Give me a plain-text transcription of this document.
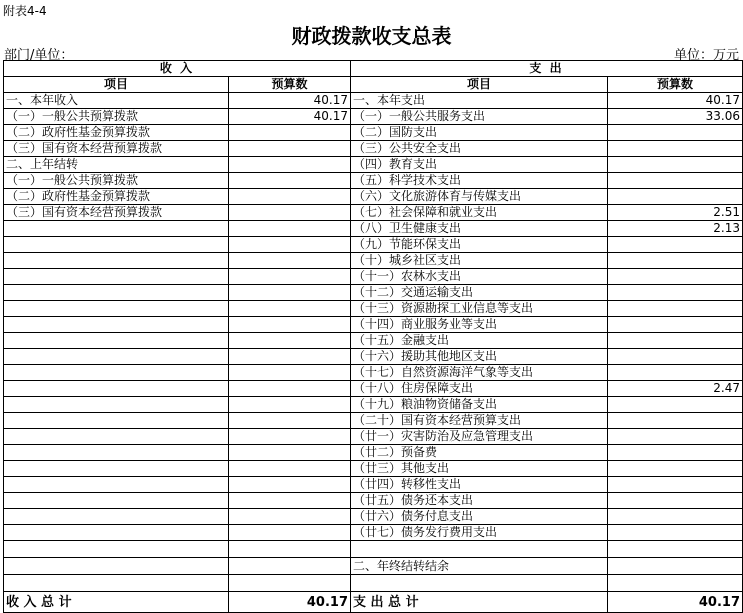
附表4-4
财政拨款收支总表
部门/单位：	单位：万元
收 入		支 出	
项目	预算数	项目	预算数
一、本年收入	40.17	一、本年支出	40.17
（一）一般公共预算拨款	40.17	（一）一般公共服务支出	33.06
（二）政府性基金预算拨款		（二）国防支出	
（三）国有资本经营预算拨款		（三）公共安全支出	
二、上年结转		（四）教育支出	
（一）一般公共预算拨款		（五）科学技术支出	
（二）政府性基金预算拨款		（六）文化旅游体育与传媒支出	
（三）国有资本经营预算拨款		（七）社会保障和就业支出	2.51
		（八）卫生健康支出	2.13
		（九）节能环保支出	
		（十）城乡社区支出	
		（十一）农林水支出	
		（十二）交通运输支出	
		（十三）资源勘探工业信息等支出	
		（十四）商业服务业等支出	
		（十五）金融支出	
		（十六）援助其他地区支出	
		（十七）自然资源海洋气象等支出	
		（十八）住房保障支出	2.47
		（十九）粮油物资储备支出	
		（二十）国有资本经营预算支出	
		（廿一）灾害防治及应急管理支出	
		（廿二）预备费	
		（廿三）其他支出	
		（廿四）转移性支出	
		（廿五）债务还本支出	
		（廿六）债务付息支出	
		（廿七）债务发行费用支出	

		二、年终结转结余	

收 入 总 计	40.17	支 出 总 计	40.17
